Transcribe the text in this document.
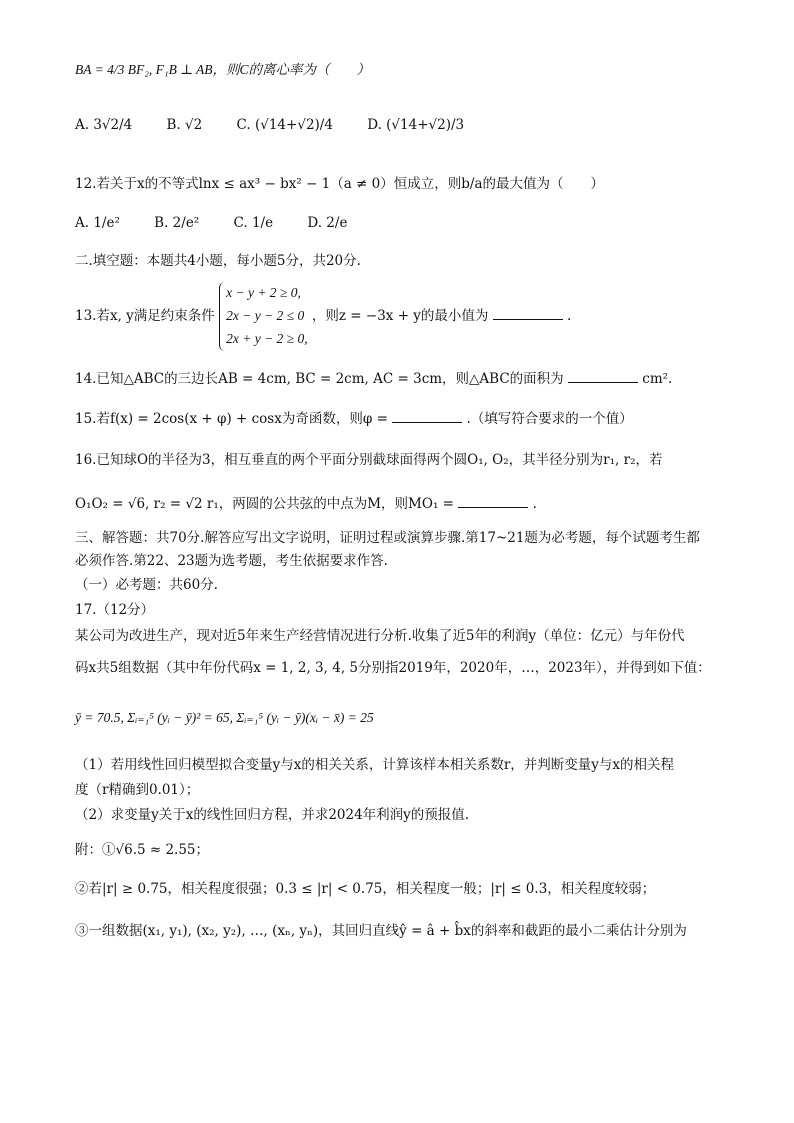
BA = 4/3 BF₂, F₁B ⊥ AB，则C的离心率为（　　）
A. 3√2/4	B. √2	C. (√14+√2)/4	D. (√14+√2)/3
12.若关于x的不等式lnx ≤ ax³ − bx² − 1（a ≠ 0）恒成立，则b/a的最大值为（　　）
A. 1/e²	B. 2/e²	C. 1/e	D. 2/e
二.填空题：本题共4小题，每小题5分，共20分.
13.若x, y满足约束条件
x − y + 2 ≥ 0,
2x − y − 2 ≤ 0
2x + y − 2 ≥ 0,
，则z = −3x + y的最小值为	.
14.已知△ABC的三边长AB = 4cm, BC = 2cm, AC = 3cm，则△ABC的面积为	cm².
15.若f(x) = 2cos(x + φ) + cosx为奇函数，则φ =	.（填写符合要求的一个值）
16.已知球O的半径为3，相互垂直的两个平面分别截球面得两个圆O₁, O₂，其半径分别为r₁, r₂，若
O₁O₂ = √6, r₂ = √2 r₁，两圆的公共弦的中点为M，则MO₁ =	.
三、解答题：共70分.解答应写出文字说明，证明过程或演算步骤.第17~21题为必考题，每个试题考生都
必须作答.第22、23题为选考题，考生依据要求作答.
（一）必考题：共60分.
17.（12分）
某公司为改进生产，现对近5年来生产经营情况进行分析.收集了近5年的利润y（单位：亿元）与年份代
码x共5组数据（其中年份代码x = 1, 2, 3, 4, 5分别指2019年，2020年，…，2023年），并得到如下值：
ȳ = 70.5, Σᵢ₌₁⁵ (yᵢ − ȳ)² = 65, Σᵢ₌₁⁵ (yᵢ − ȳ)(xᵢ − x̄) = 25
（1）若用线性回归模型拟合变量y与x的相关关系，计算该样本相关系数r，并判断变量y与x的相关程
度（r精确到0.01）；
（2）求变量y关于x的线性回归方程，并求2024年利润y的预报值.
附：①√6.5 ≈ 2.55；
②若|r| ≥ 0.75，相关程度很强；0.3 ≤ |r| < 0.75，相关程度一般；|r| ≤ 0.3，相关程度较弱；
③一组数据(x₁, y₁), (x₂, y₂), …, (xₙ, yₙ)，其回归直线ŷ = â + b̂x的斜率和截距的最小二乘估计分别为
